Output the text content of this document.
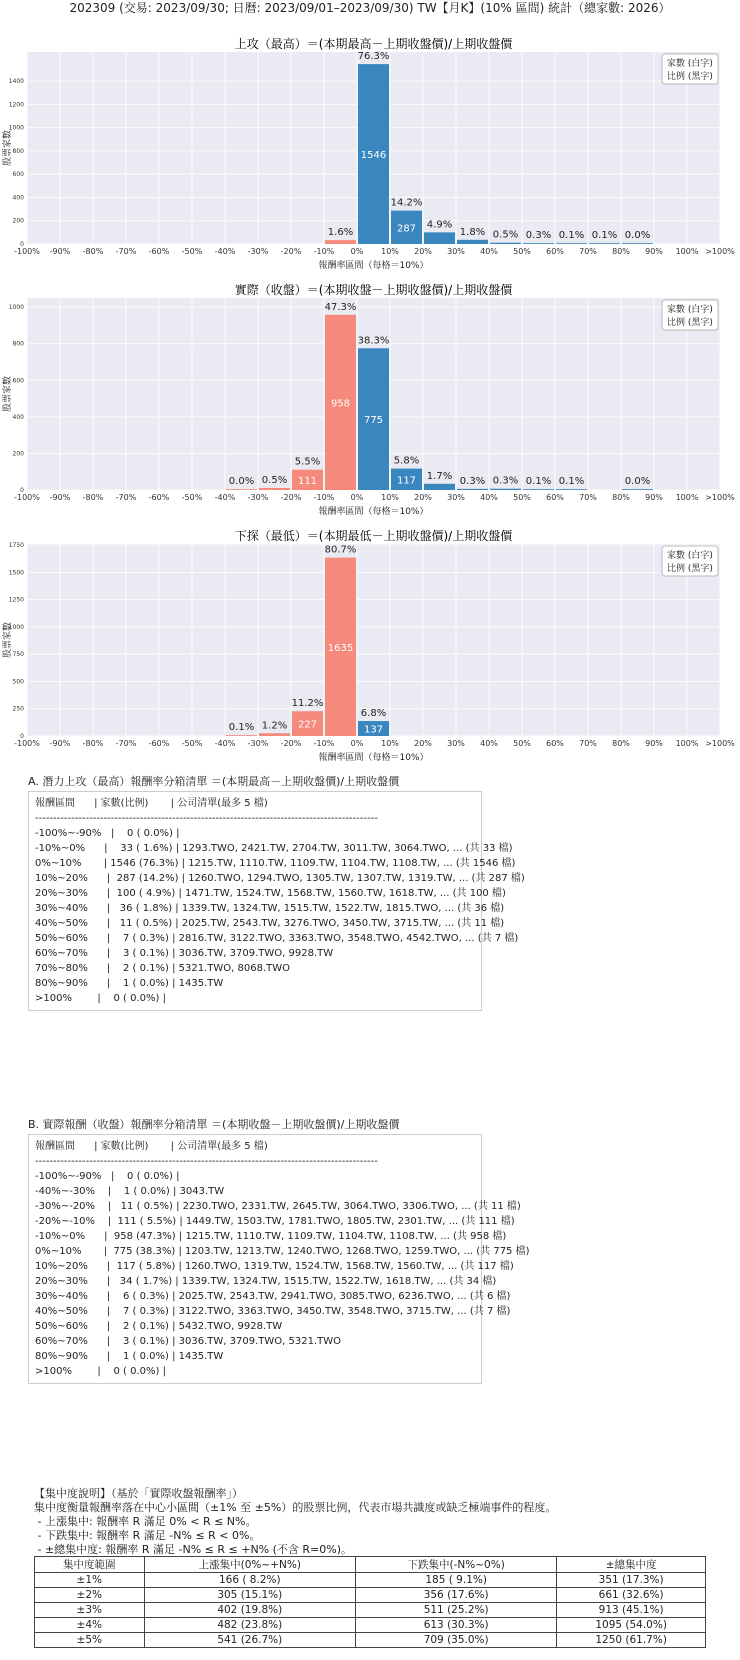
202309 (交易: 2023/09/30; 日曆: 2023/09/01–2023/09/30) TW【月K】(10% 區間) 統計（總家數: 2026）
0
200
400
600
800
1000
1200
1400
-100% -90% -80% -70% -60% -50% -40% -30% -20% -10% 0% 10% 20% 30% 40% 50% 60% 70% 80% 90% 100% >100%
1.6%
76.3%
1546
14.2%
287 4.9%
1.8% 0.5% 0.3% 0.1% 0.1% 0.0%
上攻（最高）＝(本期最高－上期收盤價)/上期收盤價
報酬率區間（每格＝10%）
股票家數
家數 (白字)
比例 (黑字)
0
200
400
600
800
1000
-100% -90% -80% -70% -60% -50% -40% -30% -20% -10% 0% 10% 20% 30% 40% 50% 60% 70% 80% 90% 100% >100%
0.0% 0.5%
5.5%
111
47.3%
958
38.3%
775
5.8%
117 1.7% 0.3% 0.3% 0.1% 0.1%	0.0%
實際（收盤）＝(本期收盤－上期收盤價)/上期收盤價
報酬率區間（每格＝10%）
股票家數
家數 (白字)
比例 (黑字)
0
250
500
750
1000
1250
1500
1750
-100% -90% -80% -70% -60% -50% -40% -30% -20% -10% 0% 10% 20% 30% 40% 50% 60% 70% 80% 90% 100% >100%
0.1% 1.2%
11.2%
227
80.7%
1635
6.8%
137
下探（最低）＝(本期最低－上期收盤價)/上期收盤價
報酬率區間（每格＝10%）
股票家數
家數 (白字)
比例 (黑字)
A. 潛力上攻（最高）報酬率分箱清單 ＝(本期最高－上期收盤價)/上期收盤價
報酬區間      | 家數(比例)       | 公司清單(最多 5 檔)
-----------------------------------------------------------------------------------------------
-100%~-90%   |    0 ( 0.0%) |
-10%~0%      |    33 ( 1.6%) | 1293.TWO, 2421.TW, 2704.TW, 3011.TW, 3064.TWO, ... (共 33 檔)
0%~10%       | 1546 (76.3%) | 1215.TW, 1110.TW, 1109.TW, 1104.TW, 1108.TW, ... (共 1546 檔)
10%~20%      |  287 (14.2%) | 1260.TWO, 1294.TWO, 1305.TW, 1307.TW, 1319.TW, ... (共 287 檔)
20%~30%      |  100 ( 4.9%) | 1471.TW, 1524.TW, 1568.TW, 1560.TW, 1618.TW, ... (共 100 檔)
30%~40%      |   36 ( 1.8%) | 1339.TW, 1324.TW, 1515.TW, 1522.TW, 1815.TWO, ... (共 36 檔)
40%~50%      |   11 ( 0.5%) | 2025.TW, 2543.TW, 3276.TWO, 3450.TW, 3715.TW, ... (共 11 檔)
50%~60%      |    7 ( 0.3%) | 2816.TW, 3122.TWO, 3363.TWO, 3548.TWO, 4542.TWO, ... (共 7 檔)
60%~70%      |    3 ( 0.1%) | 3036.TW, 3709.TWO, 9928.TW
70%~80%      |    2 ( 0.1%) | 5321.TWO, 8068.TWO
80%~90%      |    1 ( 0.0%) | 1435.TW
>100%        |    0 ( 0.0%) |
B. 實際報酬（收盤）報酬率分箱清單 ＝(本期收盤－上期收盤價)/上期收盤價
報酬區間      | 家數(比例)       | 公司清單(最多 5 檔)
-----------------------------------------------------------------------------------------------
-100%~-90%   |    0 ( 0.0%) |
-40%~-30%    |    1 ( 0.0%) | 3043.TW
-30%~-20%    |   11 ( 0.5%) | 2230.TWO, 2331.TW, 2645.TW, 3064.TWO, 3306.TWO, ... (共 11 檔)
-20%~-10%    |  111 ( 5.5%) | 1449.TW, 1503.TW, 1781.TWO, 1805.TW, 2301.TW, ... (共 111 檔)
-10%~0%      |  958 (47.3%) | 1215.TW, 1110.TW, 1109.TW, 1104.TW, 1108.TW, ... (共 958 檔)
0%~10%       |  775 (38.3%) | 1203.TW, 1213.TW, 1240.TWO, 1268.TWO, 1259.TWO, ... (共 775 檔)
10%~20%      |  117 ( 5.8%) | 1260.TWO, 1319.TW, 1524.TW, 1568.TW, 1560.TW, ... (共 117 檔)
20%~30%      |   34 ( 1.7%) | 1339.TW, 1324.TW, 1515.TW, 1522.TW, 1618.TW, ... (共 34 檔)
30%~40%      |    6 ( 0.3%) | 2025.TW, 2543.TW, 2941.TWO, 3085.TWO, 6236.TWO, ... (共 6 檔)
40%~50%      |    7 ( 0.3%) | 3122.TWO, 3363.TWO, 3450.TW, 3548.TWO, 3715.TW, ... (共 7 檔)
50%~60%      |    2 ( 0.1%) | 5432.TWO, 9928.TW
60%~70%      |    3 ( 0.1%) | 3036.TW, 3709.TWO, 5321.TWO
80%~90%      |    1 ( 0.0%) | 1435.TW
>100%        |    0 ( 0.0%) |
【集中度說明】（基於「實際收盤報酬率」）
集中度衡量報酬率落在中心小區間（±1% 至 ±5%）的股票比例，代表市場共識度或缺乏極端事件的程度。
- 上漲集中: 報酬率 R 滿足 0% < R ≤ N%。
- 下跌集中: 報酬率 R 滿足 -N% ≤ R < 0%。
- ±總集中度: 報酬率 R 滿足 -N% ≤ R ≤ +N% (不含 R=0%)。
集中度範圍	上漲集中(0%~+N%)	下跌集中(-N%~0%)	±總集中度
±1%	166 ( 8.2%)	185 ( 9.1%)	351 (17.3%)
±2%	305 (15.1%)	356 (17.6%)	661 (32.6%)
±3%	402 (19.8%)	511 (25.2%)	913 (45.1%)
±4%	482 (23.8%)	613 (30.3%)	1095 (54.0%)
±5%	541 (26.7%)	709 (35.0%)	1250 (61.7%)
